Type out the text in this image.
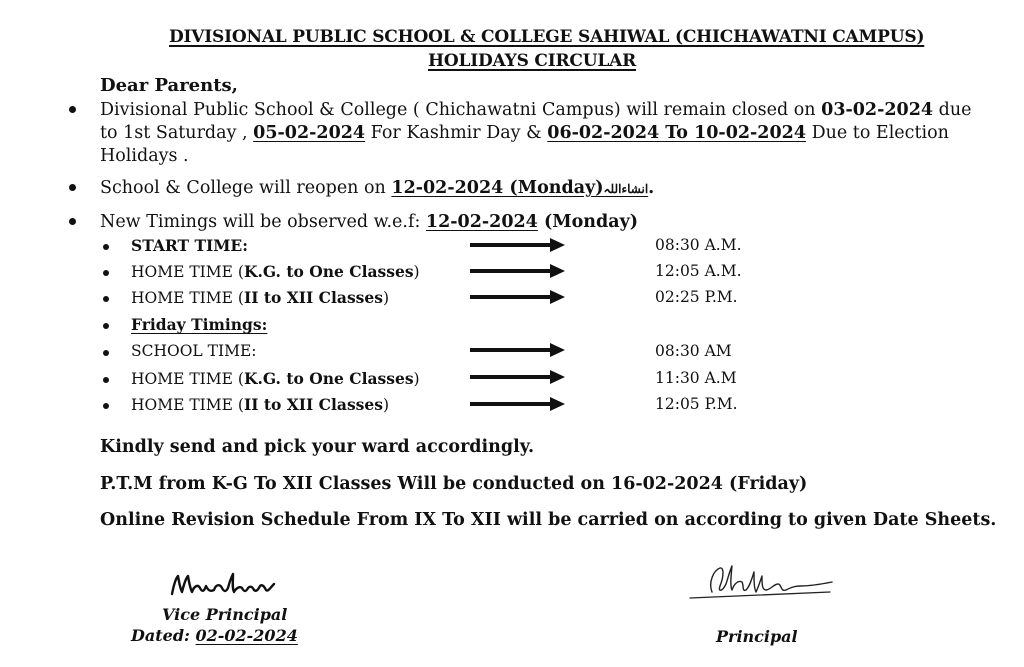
DIVISIONAL PUBLIC SCHOOL & COLLEGE SAHIWAL (CHICHAWATNI CAMPUS)
HOLIDAYS CIRCULAR
Dear Parents,
Divisional Public School & College ( Chichawatni Campus) will remain closed on 03-02-2024 due to 1st Saturday , 05-02-2024 For Kashmir Day & 06-02-2024 To 10-02-2024 Due to Election Holidays .
School & College will reopen on 12-02-2024 (Monday)انشاءاللہ.
New Timings will be observed w.e.f: 12-02-2024 (Monday)
START TIME:	08:30 A.M.
HOME TIME (K.G. to One Classes)	12:05 A.M.
HOME TIME (II to XII Classes)	02:25 P.M.
Friday Timings:
SCHOOL TIME:	08:30 AM
HOME TIME (K.G. to One Classes)	11:30 A.M
HOME TIME (II to XII Classes)	12:05 P.M.
Kindly send and pick your ward accordingly.
P.T.M from K-G To XII Classes Will be conducted on 16-02-2024 (Friday)
Online Revision Schedule From IX To XII will be carried on according to given Date Sheets.
Vice Principal
Dated: 02-02-2024	Principal
